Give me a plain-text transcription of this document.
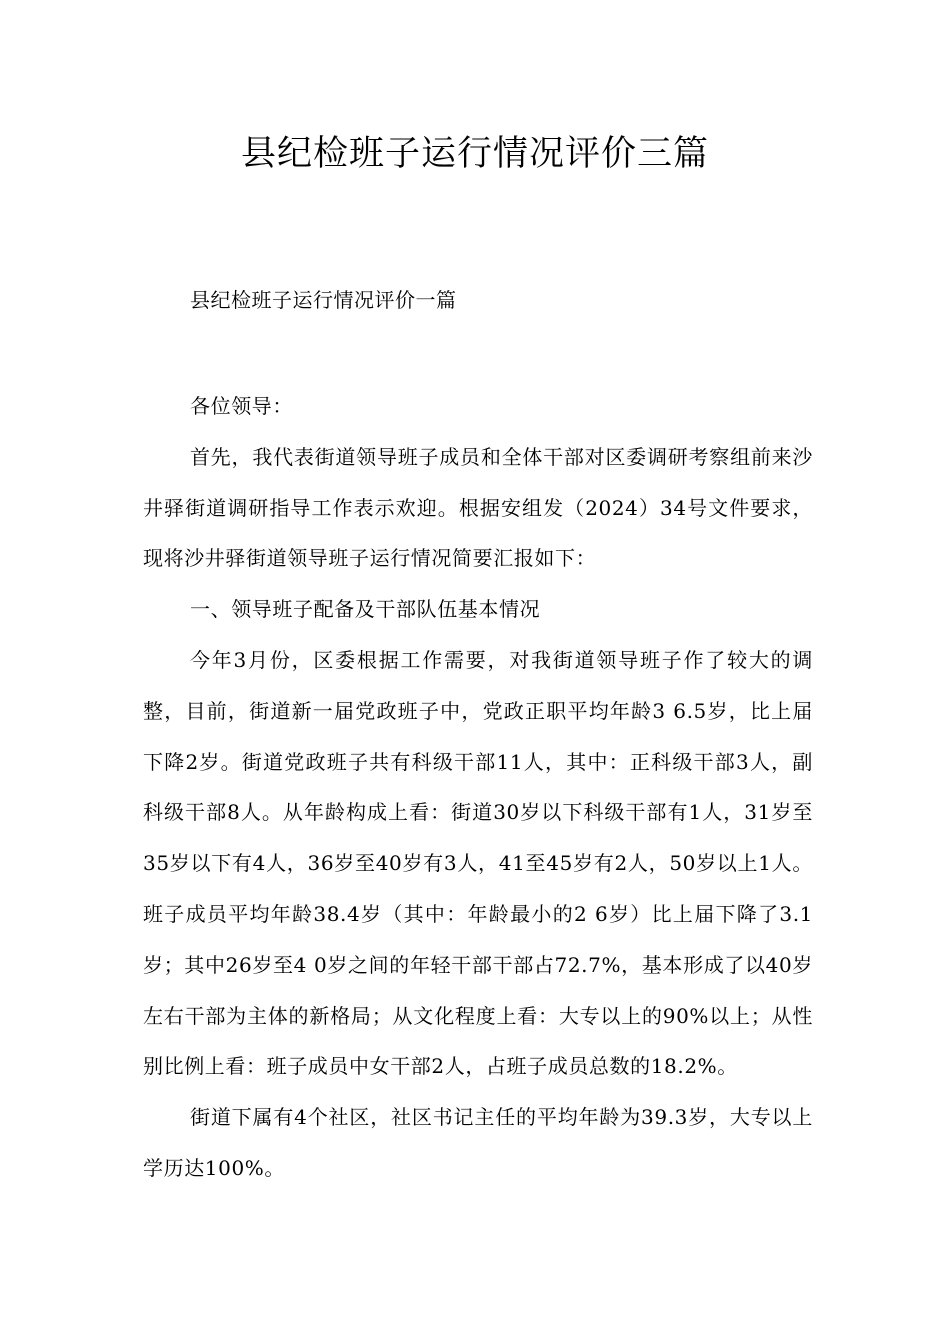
县纪检班子运行情况评价三篇
县纪检班子运行情况评价一篇

各位领导：

首先，我代表街道领导班子成员和全体干部对区委调研考察组前来沙井驿街道调研指导工作表示欢迎。根据安组发（2024）34号文件要求，现将沙井驿街道领导班子运行情况简要汇报如下：

一、领导班子配备及干部队伍基本情况

今年3月份，区委根据工作需要，对我街道领导班子作了较大的调整，目前，街道新一届党政班子中，党政正职平均年龄3 6.5岁，比上届下降2岁。街道党政班子共有科级干部11人，其中：正科级干部3人，副科级干部8人。从年龄构成上看：街道30岁以下科级干部有1人，31岁至35岁以下有4人，36岁至40岁有3人，41至45岁有2人，50岁以上1人。班子成员平均年龄38.4岁（其中：年龄最小的2 6岁）比上届下降了3.1岁；其中26岁至4 0岁之间的年轻干部干部占72.7%，基本形成了以40岁左右干部为主体的新格局；从文化程度上看：大专以上的90%以上；从性别比例上看：班子成员中女干部2人，占班子成员总数的18.2%。

街道下属有4个社区，社区书记主任的平均年龄为39.3岁，大专以上学历达100%。
